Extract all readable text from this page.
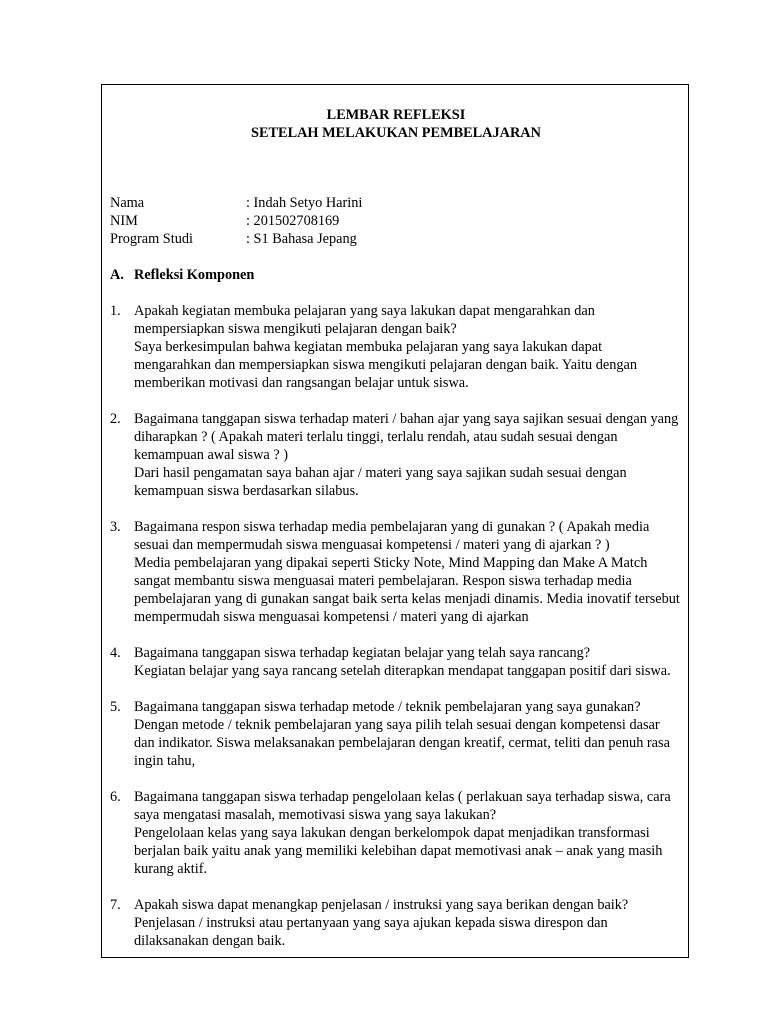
LEMBAR REFLEKSI

SETELAH MELAKUKAN PEMBELAJARAN

Nama	: Indah Setyo Harini
NIM	: 201502708169
Program Studi	: S1 Bahasa Jepang
A. Refleksi Komponen
1. Apakah kegiatan membuka pelajaran yang saya lakukan dapat mengarahkan dan mempersiapkan siswa mengikuti pelajaran dengan baik?

Saya berkesimpulan bahwa kegiatan membuka pelajaran yang saya lakukan dapat mengarahkan dan mempersiapkan siswa mengikuti pelajaran dengan baik. Yaitu dengan memberikan motivasi dan rangsangan belajar untuk siswa.

2. Bagaimana tanggapan siswa terhadap materi / bahan ajar yang saya sajikan sesuai dengan yang diharapkan ? ( Apakah materi terlalu tinggi, terlalu rendah, atau sudah sesuai dengan kemampuan awal siswa ? )

Dari hasil pengamatan saya bahan ajar / materi yang saya sajikan sudah sesuai dengan kemampuan siswa berdasarkan silabus.

3. Bagaimana respon siswa terhadap media pembelajaran yang di gunakan ? ( Apakah media sesuai dan mempermudah siswa menguasai kompetensi / materi yang di ajarkan ? )

Media pembelajaran yang dipakai seperti Sticky Note, Mind Mapping dan Make A Match sangat membantu siswa menguasai materi pembelajaran. Respon siswa terhadap media pembelajaran yang di gunakan sangat baik serta kelas menjadi dinamis. Media inovatif tersebut mempermudah siswa menguasai kompetensi / materi yang di ajarkan

4. Bagaimana tanggapan siswa terhadap kegiatan belajar yang telah saya rancang?

Kegiatan belajar yang saya rancang setelah diterapkan mendapat tanggapan positif dari siswa.

5. Bagaimana tanggapan siswa terhadap metode / teknik pembelajaran yang saya gunakan?

Dengan metode / teknik pembelajaran yang saya pilih telah sesuai dengan kompetensi dasar dan indikator. Siswa melaksanakan pembelajaran dengan kreatif, cermat, teliti dan penuh rasa ingin tahu,

6. Bagaimana tanggapan siswa terhadap pengelolaan kelas ( perlakuan saya terhadap siswa, cara saya mengatasi masalah, memotivasi siswa yang saya lakukan?

Pengelolaan kelas yang saya lakukan dengan berkelompok dapat menjadikan transformasi berjalan baik yaitu anak yang memiliki kelebihan dapat memotivasi anak – anak yang masih kurang aktif.

7. Apakah siswa dapat menangkap penjelasan / instruksi yang saya berikan dengan baik?

Penjelasan / instruksi atau pertanyaan yang saya ajukan kepada siswa direspon dan dilaksanakan dengan baik.
